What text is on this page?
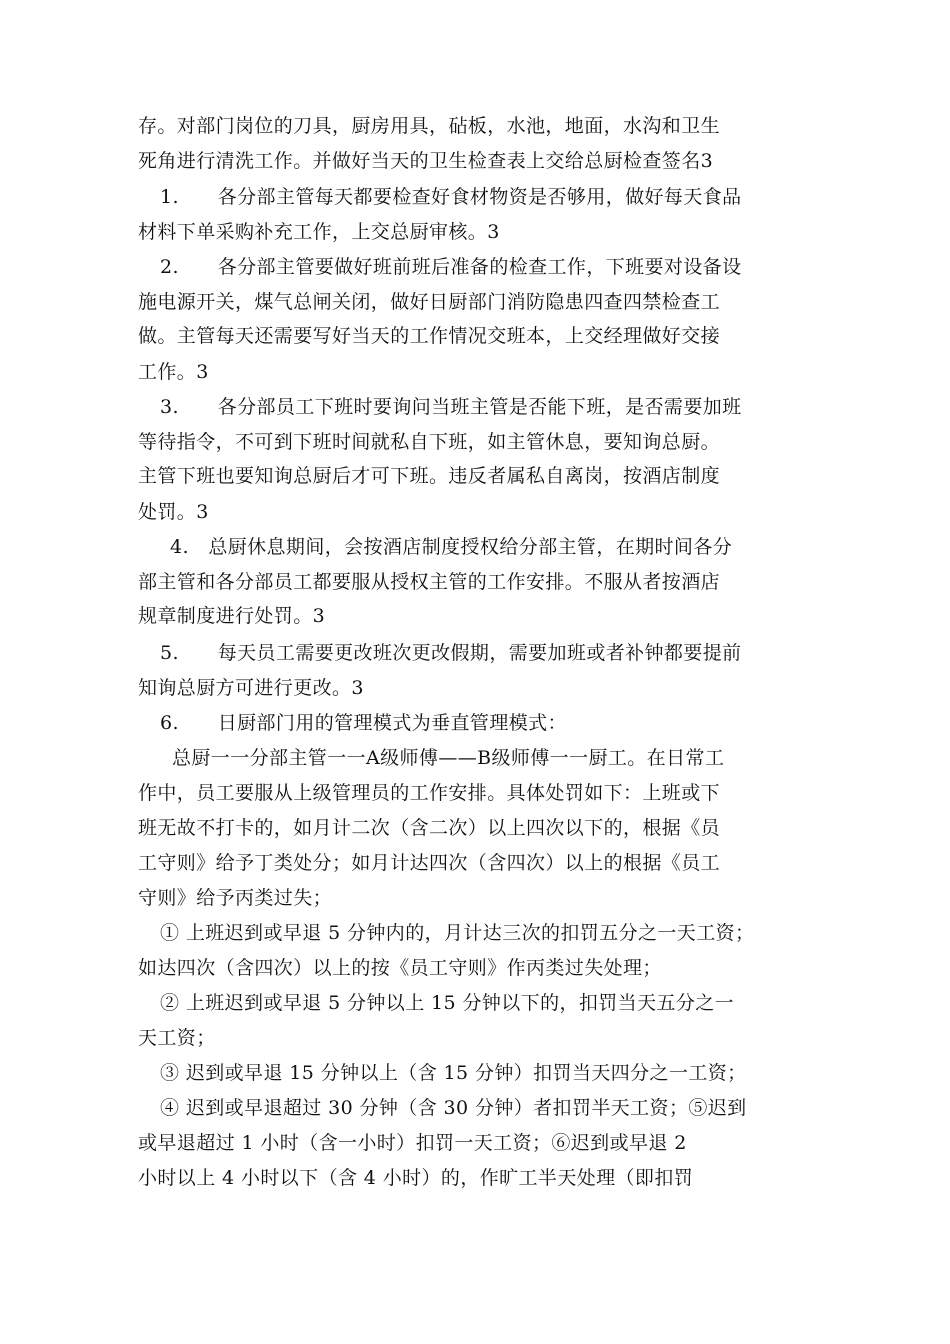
存。对部门岗位的刀具，厨房用具，砧板，水池，地面，水沟和卫生
死角进行清洗工作。并做好当天的卫生检查表上交给总厨检查签名3
1.　　各分部主管每天都要检查好食材物资是否够用，做好每天食品
材料下单采购补充工作，上交总厨审核。3
2.　　各分部主管要做好班前班后准备的检查工作，下班要对设备设
施电源开关，煤气总闸关闭，做好日厨部门消防隐患四查四禁检查工
做。主管每天还需要写好当天的工作情况交班本，上交经理做好交接
工作。3
3.　　各分部员工下班时要询问当班主管是否能下班，是否需要加班
等待指令，不可到下班时间就私自下班，如主管休息，要知询总厨。
主管下班也要知询总厨后才可下班。违反者属私自离岗，按酒店制度
处罚。3
4.　总厨休息期间，会按酒店制度授权给分部主管，在期时间各分
部主管和各分部员工都要服从授权主管的工作安排。不服从者按酒店
规章制度进行处罚。3
5.　　每天员工需要更改班次更改假期，需要加班或者补钟都要提前
知询总厨方可进行更改。3
6.　　日厨部门用的管理模式为垂直管理模式：
总厨一一分部主管一一A级师傅——B级师傅一一厨工。在日常工
作中，员工要服从上级管理员的工作安排。具体处罚如下：上班或下
班无故不打卡的，如月计二次（含二次）以上四次以下的，根据《员
工守则》给予丁类处分；如月计达四次（含四次）以上的根据《员工
守则》给予丙类过失；
① 上班迟到或早退 5 分钟内的，月计达三次的扣罚五分之一天工资；
如达四次（含四次）以上的按《员工守则》作丙类过失处理；
② 上班迟到或早退 5 分钟以上 15 分钟以下的，扣罚当天五分之一
天工资；
③ 迟到或早退 15 分钟以上（含 15 分钟）扣罚当天四分之一工资；
④ 迟到或早退超过 30 分钟（含 30 分钟）者扣罚半天工资；⑤迟到
或早退超过 1 小时（含一小时）扣罚一天工资；⑥迟到或早退 2
小时以上 4 小时以下（含 4 小时）的，作旷工半天处理（即扣罚
